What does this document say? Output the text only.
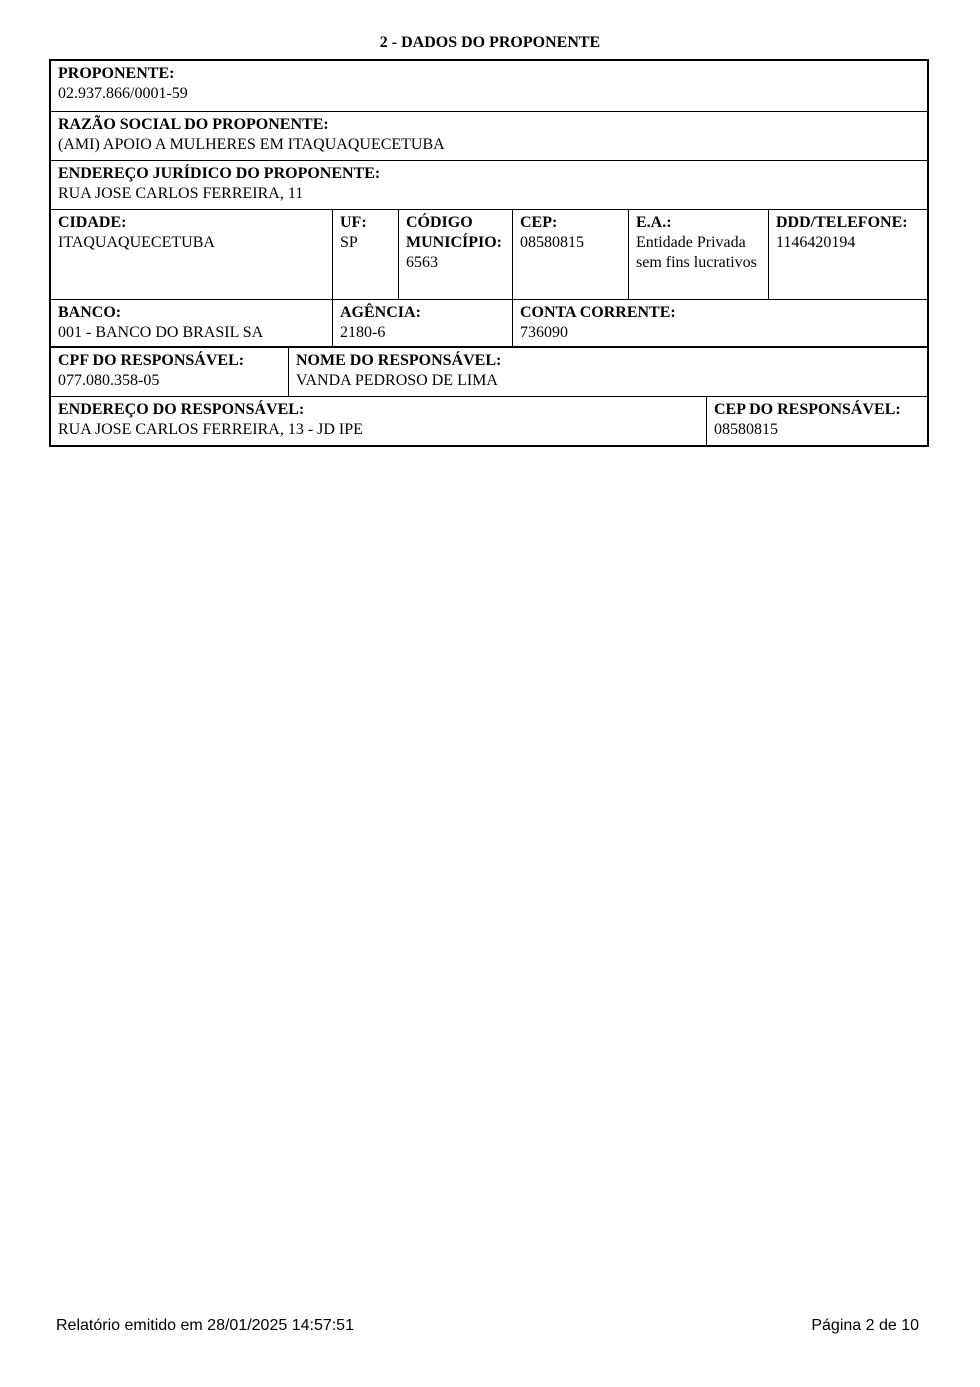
2 - DADOS DO PROPONENTE
PROPONENTE:
02.937.866/0001-59
RAZÃO SOCIAL DO PROPONENTE:
(AMI) APOIO A MULHERES EM ITAQUAQUECETUBA
ENDEREÇO JURÍDICO DO PROPONENTE:
RUA JOSE CARLOS FERREIRA, 11
CIDADE:
ITAQUAQUECETUBA
UF:
SP
CÓDIGO
MUNICÍPIO:
6563
CEP:
08580815
E.A.:
Entidade Privada
sem fins lucrativos
DDD/TELEFONE:
1146420194
BANCO:
001 - BANCO DO BRASIL SA
AGÊNCIA:
2180-6
CONTA CORRENTE:
736090
CPF DO RESPONSÁVEL:
077.080.358-05
NOME DO RESPONSÁVEL:
VANDA PEDROSO DE LIMA
ENDEREÇO DO RESPONSÁVEL:
RUA JOSE CARLOS FERREIRA, 13 - JD IPE
CEP DO RESPONSÁVEL:
08580815
Relatório emitido em 28/01/2025 14:57:51	Página 2 de 10
